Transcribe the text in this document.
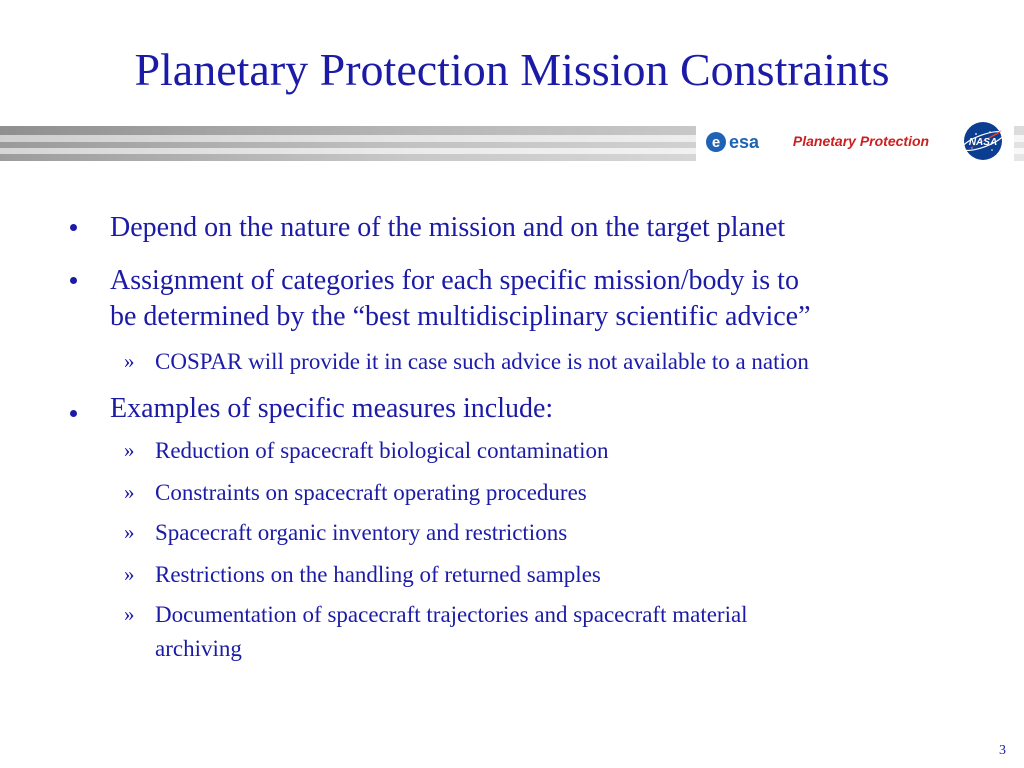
Planetary Protection Mission Constraints
e esa	Planetary Protection	NASA
Depend on the nature of the mission and on the target planet
Assignment of categories for each specific mission/body is to
be determined by the “best multidisciplinary scientific advice”
» COSPAR will provide it in case such advice is not available to a nation
Examples of specific measures include:
» Reduction of spacecraft biological contamination
» Constraints on spacecraft operating procedures
» Spacecraft organic inventory and restrictions
» Restrictions on the handling of returned samples
» Documentation of spacecraft trajectories and spacecraft material
archiving
3
